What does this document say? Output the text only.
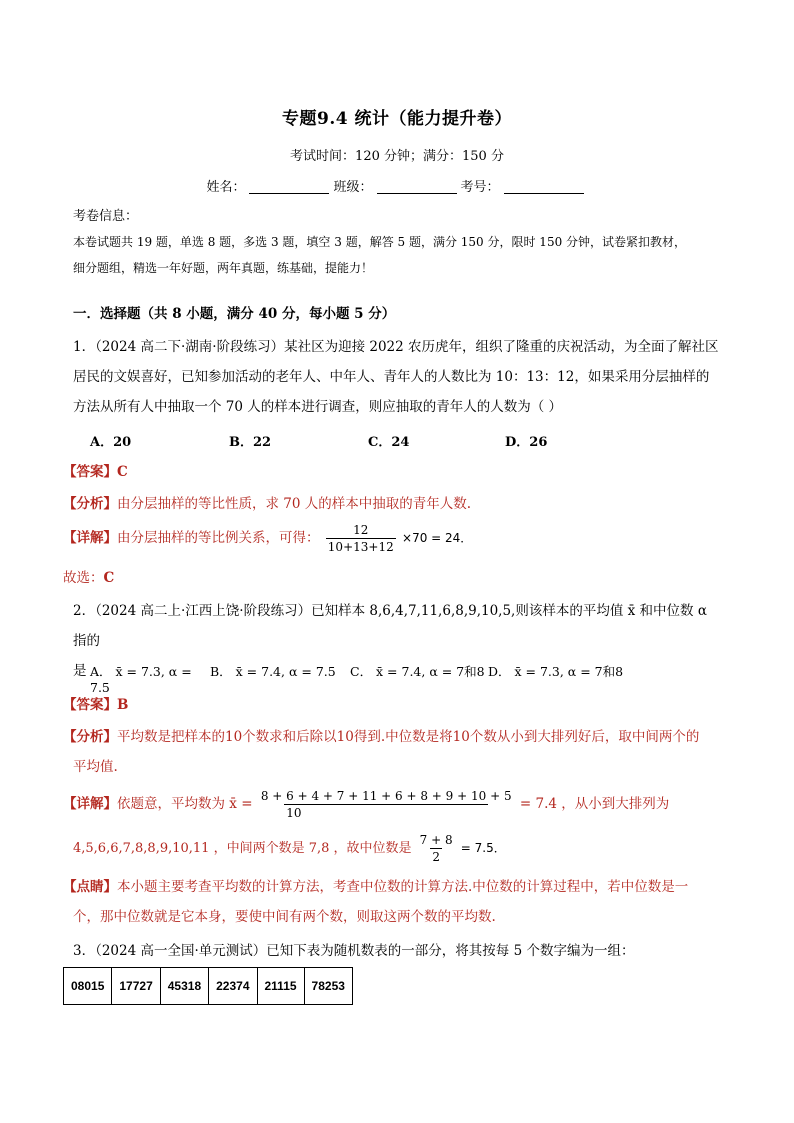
专题9.4 统计（能力提升卷）
考试时间：120 分钟；满分：150 分
姓名：	班级：	考号：
考卷信息：
本卷试题共 19 题，单选 8 题，多选 3 题，填空 3 题，解答 5 题，满分 150 分，限时 150 分钟，试卷紧扣教材，
细分题组，精选一年好题，两年真题，练基础，提能力！
一．选择题（共 8 小题，满分 40 分，每小题 5 分）
1．（2024 高二下·湖南·阶段练习）某社区为迎接 2022 农历虎年，组织了隆重的庆祝活动，为全面了解社区
居民的文娱喜好，已知参加活动的老年人、中年人、青年人的人数比为 10：13：12，如果采用分层抽样的
方法从所有人中抽取一个 70 人的样本进行调查，则应抽取的青年人的人数为（ ）
A．20	B．22	C．24	D．26
【答案】C
【分析】由分层抽样的等比性质，求 70 人的样本中抽取的青年人数.
【详解】由分层抽样的等比例关系，可得： $\frac{12}{10+13+12} \times 70 = 24$．
故选：C
2．（2024 高二上·江西上饶·阶段练习）已知样本 8,6,4,7,11,6,8,9,10,5,则该样本的平均值 x̄ 和中位数 α 指的
是 A． x̄ = 7.3, α = 7.5
B． x̄ = 7.4, α = 7.5	C． x̄ = 7.4, α = 7和8 D． x̄ = 7.3, α = 7和8
【答案】B
【分析】平均数是把样本的10个数求和后除以10得到.中位数是将10个数从小到大排列好后，取中间两个的
平均值.
【详解】依题意，平均数为 x̄ = $\frac{8 + 6 + 4 + 7 + 11 + 6 + 8 + 9 + 10 + 5}{10} = 7.4$ ，从小到大排列为
4,5,6,6,7,8,8,9,10,11 ，中间两个数是 7,8 ，故中位数是 $\frac{7 + 8}{2} = 7.5$．
【点睛】本小题主要考查平均数的计算方法，考查中位数的计算方法.中位数的计算过程中，若中位数是一
个，那中位数就是它本身，要使中间有两个数，则取这两个数的平均数.
3．（2024 高一全国·单元测试）已知下表为随机数表的一部分，将其按每 5 个数字编为一组：
08015	17727	45318	22374	21115	78253
